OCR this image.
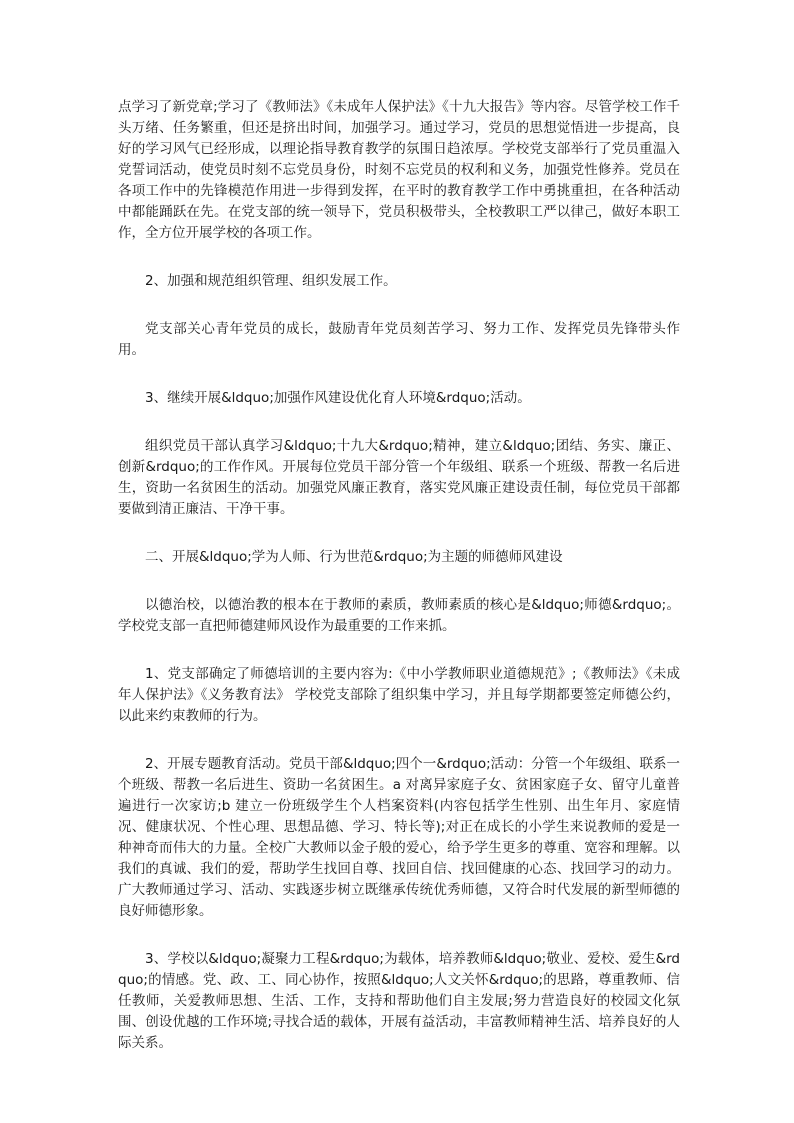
点学习了新党章;学习了《教师法》《未成年人保护法》《十九大报告》等内容。尽管学校工作千头万绪、任务繁重，但还是挤出时间，加强学习。通过学习，党员的思想觉悟进一步提高，良好的学习风气已经形成，以理论指导教育教学的氛围日趋浓厚。学校党支部举行了党员重温入党誓词活动，使党员时刻不忘党员身份，时刻不忘党员的权利和义务，加强党性修养。党员在各项工作中的先锋模范作用进一步得到发挥，在平时的教育教学工作中勇挑重担，在各种活动中都能踊跃在先。在党支部的统一领导下，党员积极带头，全校教职工严以律己，做好本职工作，全方位开展学校的各项工作。

2、加强和规范组织管理、组织发展工作。

党支部关心青年党员的成长，鼓励青年党员刻苦学习、努力工作、发挥党员先锋带头作用。

3、继续开展&ldquo;加强作风建设优化育人环境&rdquo;活动。

组织党员干部认真学习&ldquo;十九大&rdquo;精神，建立&ldquo;团结、务实、廉正、创新&rdquo;的工作作风。开展每位党员干部分管一个年级组、联系一个班级、帮教一名后进生，资助一名贫困生的活动。加强党风廉正教育，落实党风廉正建设责任制，每位党员干部都要做到清正廉洁、干净干事。

二、开展&ldquo;学为人师、行为世范&rdquo;为主题的师德师风建设

以德治校，以德治教的根本在于教师的素质，教师素质的核心是&ldquo;师德&rdquo;。学校党支部一直把师德建师风设作为最重要的工作来抓。

1、党支部确定了师德培训的主要内容为:《中小学教师职业道德规范》;《教师法》《未成年人保护法》《义务教育法》 学校党支部除了组织集中学习，并且每学期都要签定师德公约，以此来约束教师的行为。

2、开展专题教育活动。党员干部&ldquo;四个一&rdquo;活动：分管一个年级组、联系一个班级、帮教一名后进生、资助一名贫困生。a 对离异家庭子女、贫困家庭子女、留守儿童普遍进行一次家访;b 建立一份班级学生个人档案资料(内容包括学生性别、出生年月、家庭情况、健康状况、个性心理、思想品德、学习、特长等);对正在成长的小学生来说教师的爱是一种神奇而伟大的力量。全校广大教师以金子般的爱心，给予学生更多的尊重、宽容和理解。以我们的真诚、我们的爱，帮助学生找回自尊、找回自信、找回健康的心态、找回学习的动力。广大教师通过学习、活动、实践逐步树立既继承传统优秀师德，又符合时代发展的新型师德的良好师德形象。

3、学校以&ldquo;凝聚力工程&rdquo;为载体，培养教师&ldquo;敬业、爱校、爱生&rdquo;的情感。党、政、工、同心协作，按照&ldquo;人文关怀&rdquo;的思路，尊重教师、信任教师，关爱教师思想、生活、工作，支持和帮助他们自主发展;努力营造良好的校园文化氛围、创设优越的工作环境;寻找合适的载体，开展有益活动，丰富教师精神生活、培养良好的人际关系。
